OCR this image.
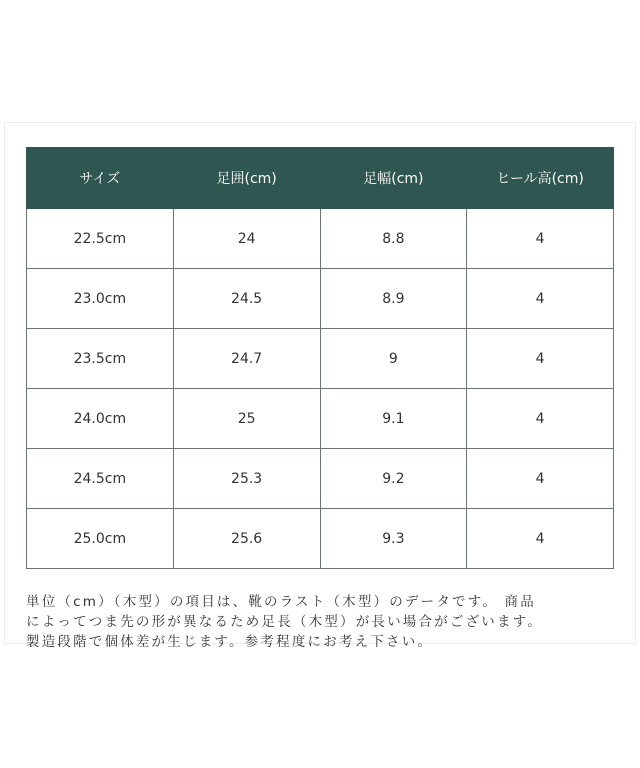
サイズ	足囲(cm)	足幅(cm)	ヒール高(cm)
22.5cm	24	8.8	4
23.0cm	24.5	8.9	4
23.5cm	24.7	9	4
24.0cm	25	9.1	4
24.5cm	25.3	9.2	4
25.0cm	25.6	9.3	4
単位（cm）（木型）の項目は、靴のラスト（木型）のデータです。 商品
によってつま先の形が異なるため足長（木型）が長い場合がございます。
製造段階で個体差が生じます。参考程度にお考え下さい。
